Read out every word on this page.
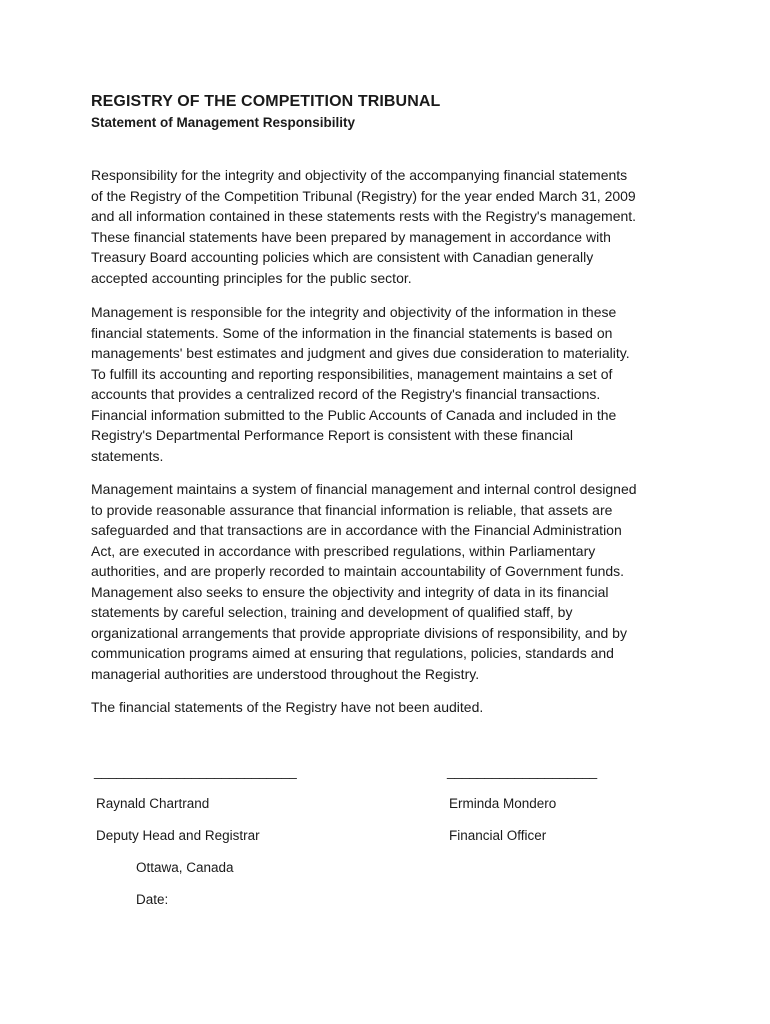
REGISTRY OF THE COMPETITION TRIBUNAL
Statement of Management Responsibility

Responsibility for the integrity and objectivity of the accompanying financial statements
of the Registry of the Competition Tribunal (Registry) for the year ended March 31, 2009
and all information contained in these statements rests with the Registry's management.
These financial statements have been prepared by management in accordance with
Treasury Board accounting policies which are consistent with Canadian generally
accepted accounting principles for the public sector.

Management is responsible for the integrity and objectivity of the information in these
financial statements. Some of the information in the financial statements is based on
managements' best estimates and judgment and gives due consideration to materiality.
To fulfill its accounting and reporting responsibilities, management maintains a set of
accounts that provides a centralized record of the Registry's financial transactions.
Financial information submitted to the Public Accounts of Canada and included in the
Registry's Departmental Performance Report is consistent with these financial
statements.

Management maintains a system of financial management and internal control designed
to provide reasonable assurance that financial information is reliable, that assets are
safeguarded and that transactions are in accordance with the Financial Administration
Act, are executed in accordance with prescribed regulations, within Parliamentary
authorities, and are properly recorded to maintain accountability of Government funds.
Management also seeks to ensure the objectivity and integrity of data in its financial
statements by careful selection, training and development of qualified staff, by
organizational arrangements that provide appropriate divisions of responsibility, and by
communication programs aimed at ensuring that regulations, policies, standards and
managerial authorities are understood throughout the Registry.

The financial statements of the Registry have not been audited.

___________________________

Raynald Chartrand

Deputy Head and Registrar

Ottawa, Canada

Date:

____________________

Erminda Mondero

Financial Officer
